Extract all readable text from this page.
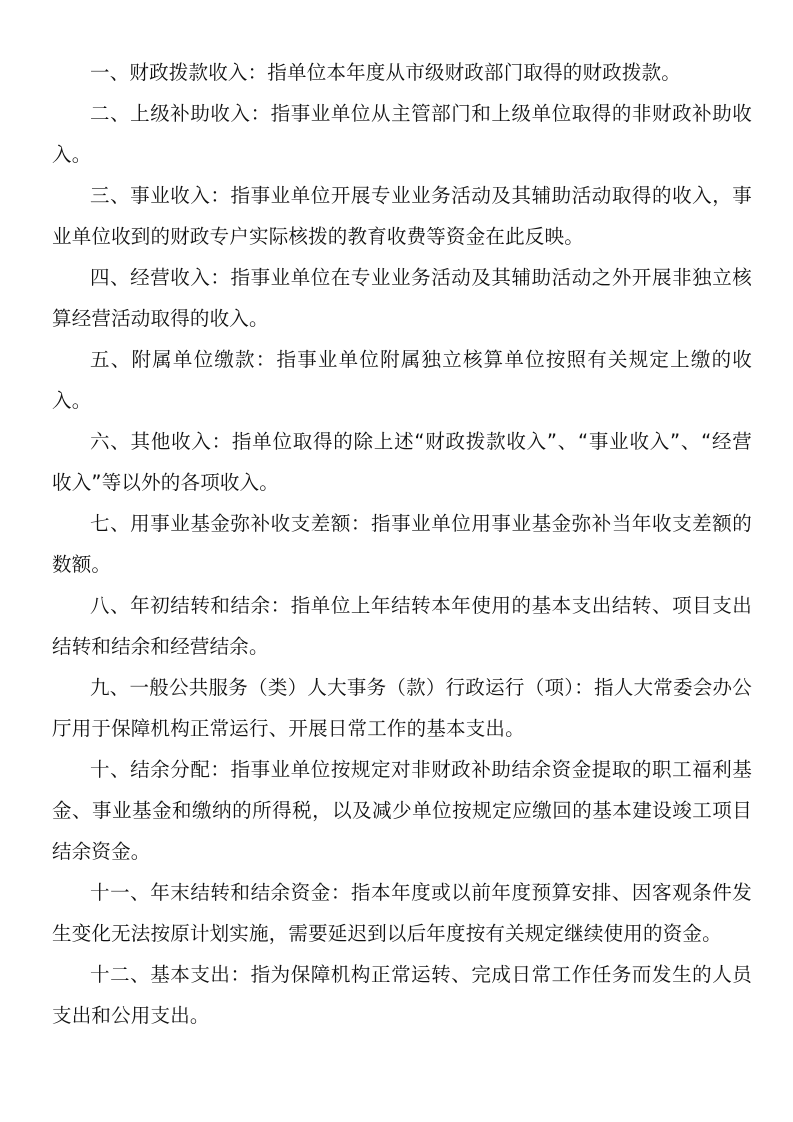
一、财政拨款收入：指单位本年度从市级财政部门取得的财政拨款。

二、上级补助收入：指事业单位从主管部门和上级单位取得的非财政补助收入。

三、事业收入：指事业单位开展专业业务活动及其辅助活动取得的收入，事业单位收到的财政专户实际核拨的教育收费等资金在此反映。

四、经营收入：指事业单位在专业业务活动及其辅助活动之外开展非独立核算经营活动取得的收入。

五、附属单位缴款：指事业单位附属独立核算单位按照有关规定上缴的收入。

六、其他收入：指单位取得的除上述“财政拨款收入”、“事业收入”、“经营收入”等以外的各项收入。

七、用事业基金弥补收支差额：指事业单位用事业基金弥补当年收支差额的数额。

八、年初结转和结余：指单位上年结转本年使用的基本支出结转、项目支出结转和结余和经营结余。

九、一般公共服务（类）人大事务（款）行政运行（项）：指人大常委会办公厅用于保障机构正常运行、开展日常工作的基本支出。

十、结余分配：指事业单位按规定对非财政补助结余资金提取的职工福利基金、事业基金和缴纳的所得税，以及减少单位按规定应缴回的基本建设竣工项目结余资金。

十一、年末结转和结余资金：指本年度或以前年度预算安排、因客观条件发生变化无法按原计划实施，需要延迟到以后年度按有关规定继续使用的资金。

十二、基本支出：指为保障机构正常运转、完成日常工作任务而发生的人员支出和公用支出。
